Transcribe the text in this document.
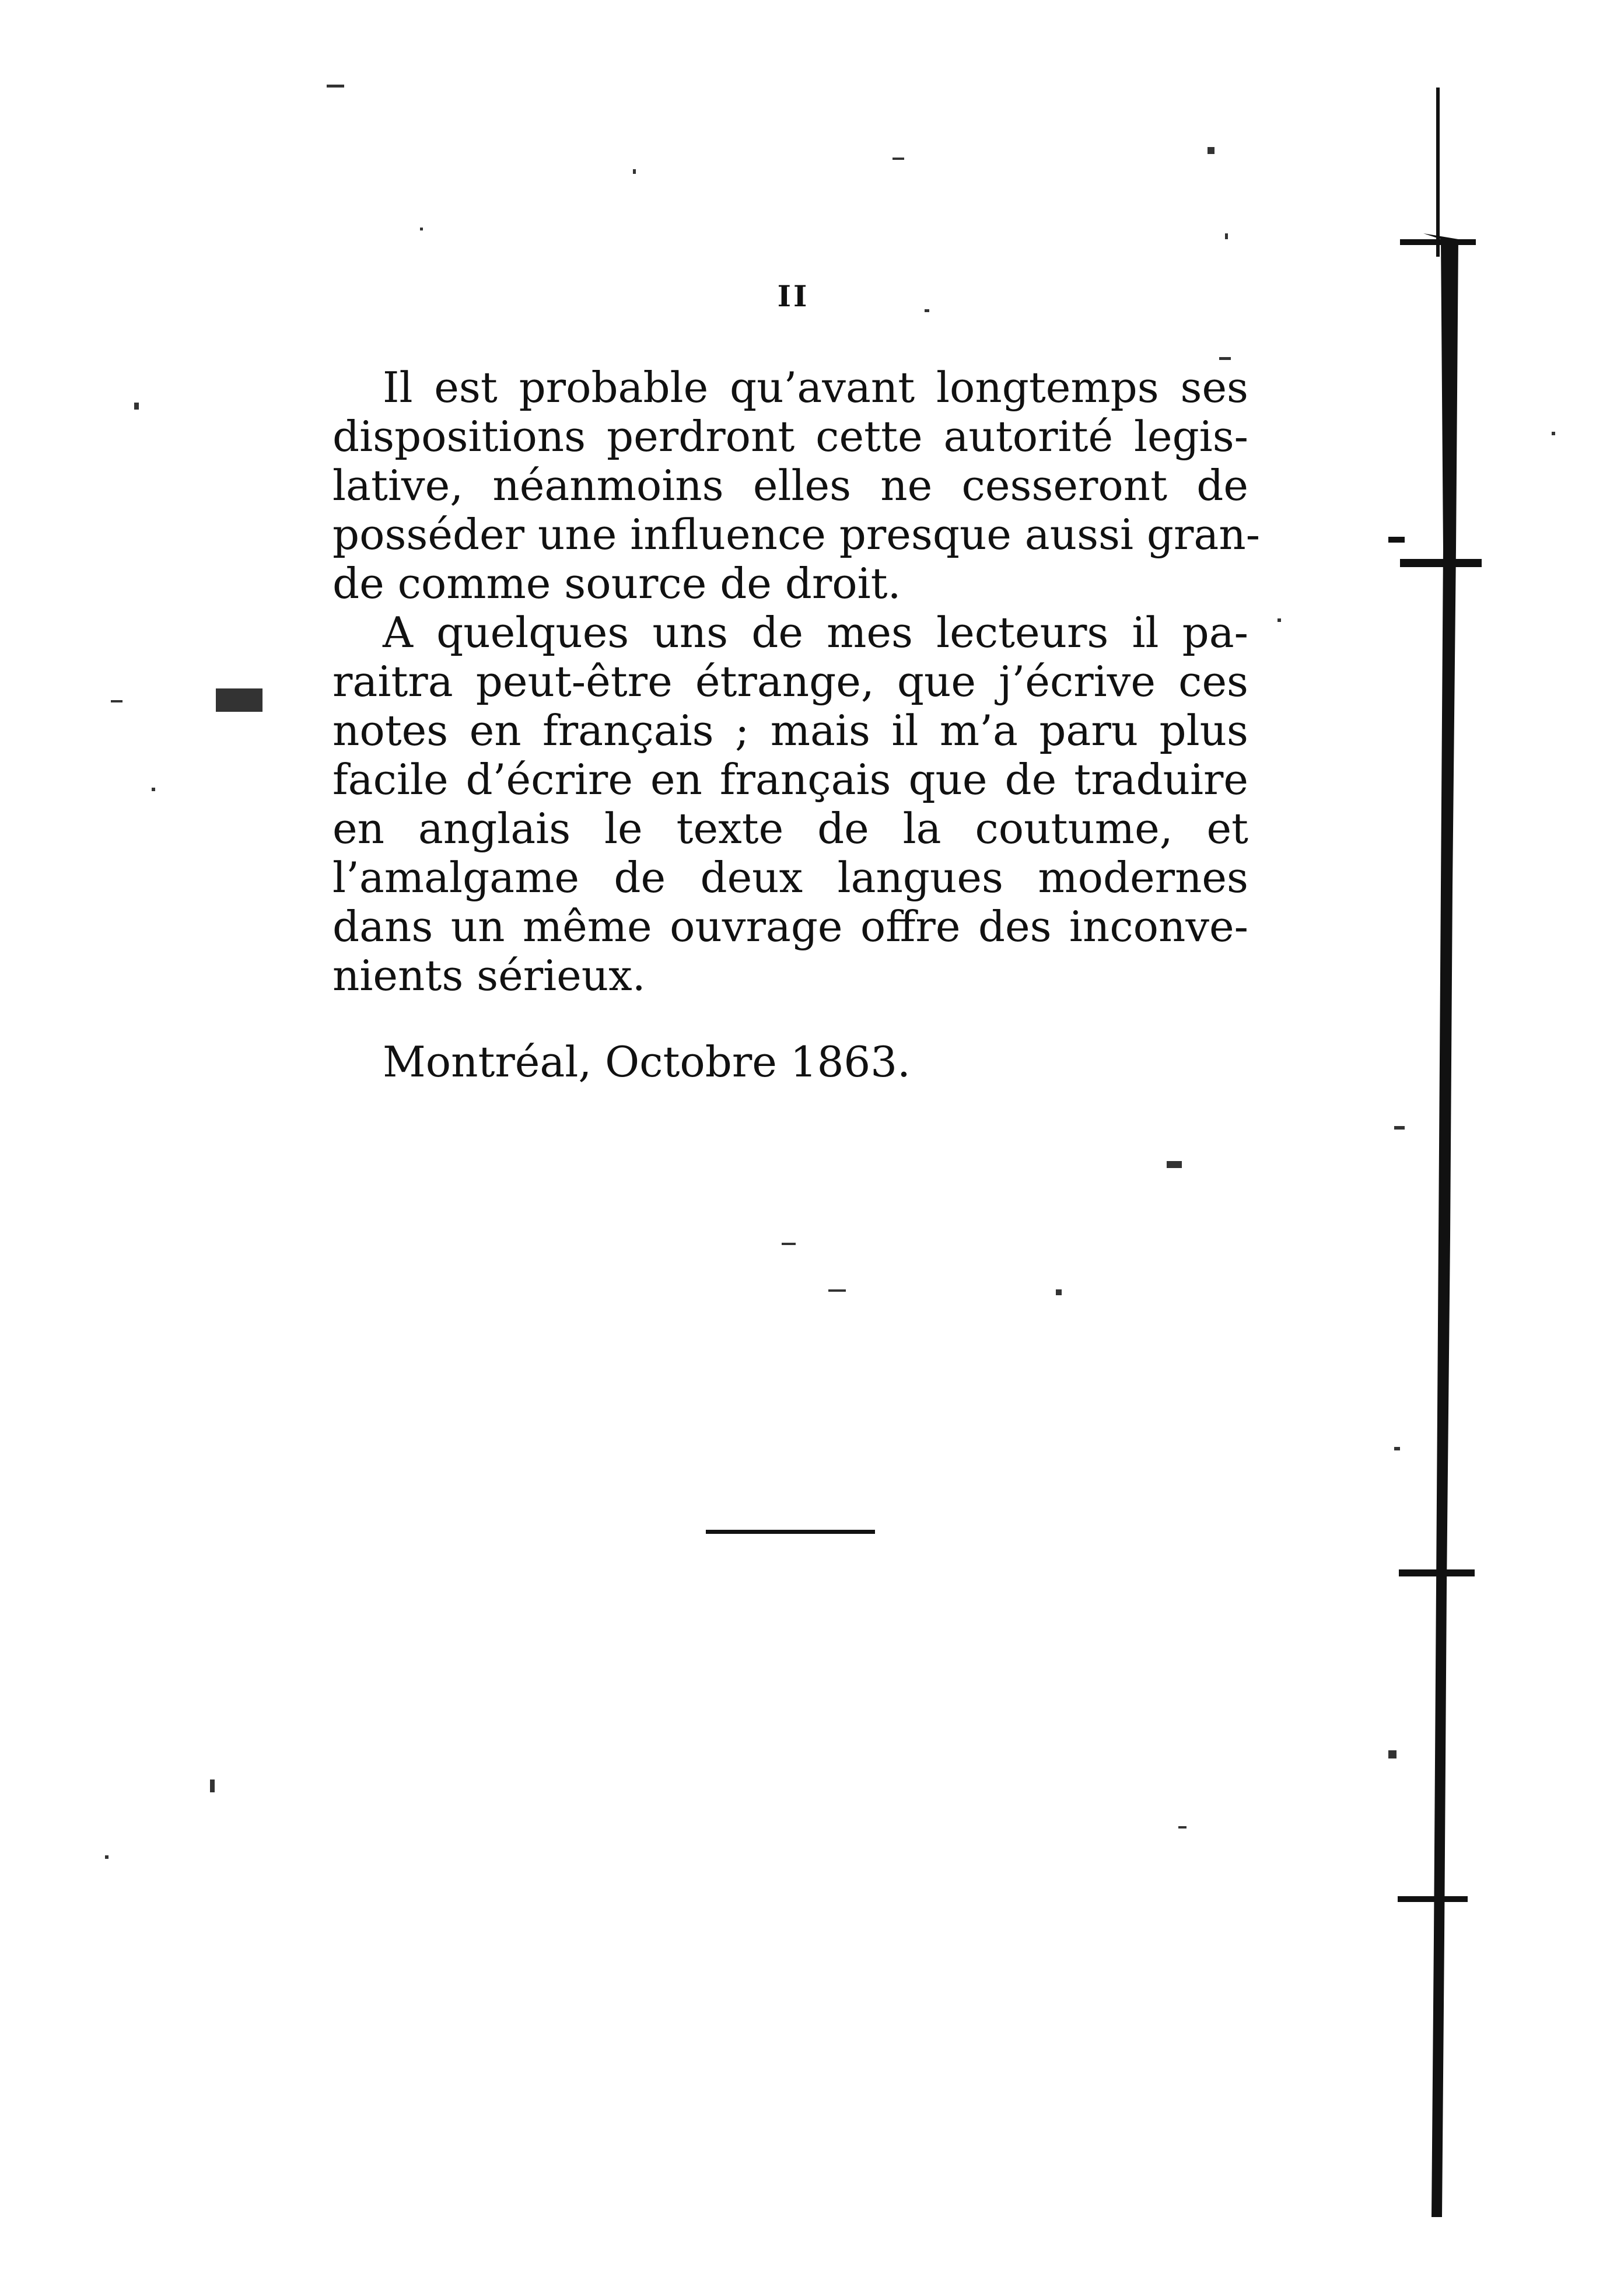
II
Il est probable qu’avant longtemps ses
dispositions perdront cette autorité legis-
lative, néanmoins elles ne cesseront de
posséder une influence presque aussi gran-
de comme source de droit.
A quelques uns de mes lecteurs il pa-
raitra peut-être étrange, que j’écrive ces
notes en français ; mais il m’a paru plus
facile d’écrire en français que de traduire
en anglais le texte de la coutume, et
l’amalgame de deux langues modernes
dans un même ouvrage offre des inconve-
nients sérieux.
Montréal, Octobre 1863.
